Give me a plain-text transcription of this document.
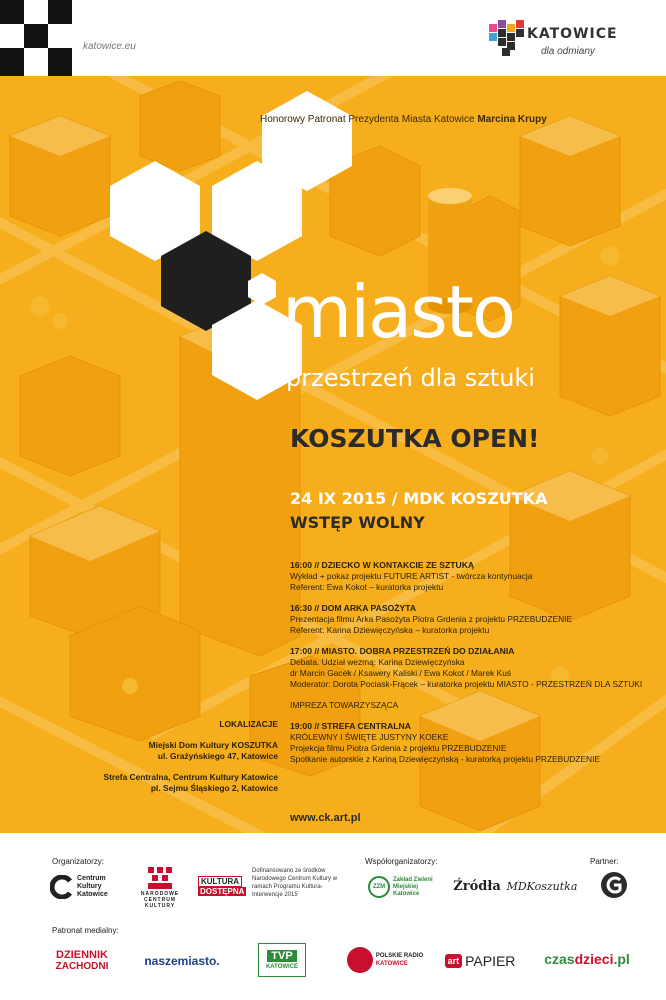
katowice.eu
KATOWICE
dla odmiany
Honorowy Patronat Prezydenta Miasta Katowice Marcina Krupy
miasto
przestrzeń dla sztuki
KOSZUTKA OPEN!
24 IX 2015 / MDK KOSZUTKA
WSTĘP WOLNY
16:00 // DZIECKO W KONTAKCIE ZE SZTUKĄ
Wykład + pokaz projektu FUTURE ARTIST - twórcza kontynuacja
Referent: Ewa Kokot – kuratorka projektu
16:30 // DOM ARKA PASOŻYTA
Prezentacja filmu Arka Pasożyta Piotra Grdenia z projektu PRZEBUDZENIE
Referent: Karina Dziewięczyńska – kuratorka projektu
17:00 // MIASTO. DOBRA PRZESTRZEŃ DO DZIAŁANIA
Debata. Udział wezmą: Karina Dziewięczyńska
dr Marcin Gacek / Ksawery Kaliski / Ewa Kokot / Marek Kuś
Moderator: Dorota Pociask-Frącek – kuratorka projektu MIASTO - PRZESTRZEŃ DLA SZTUKI
IMPREZA TOWARZYSZĄCA
19:00 // STREFA CENTRALNA
KRÓLEWNY I ŚWIĘTE JUSTYNY KOEKE
Projekcja filmu Piotra Grdenia z projektu PRZEBUDZENIE
Spotkanie autorskie z Kariną Dziewięczyńską - kuratorką projektu PRZEBUDZENIE
LOKALIZACJE
Miejski Dom Kultury KOSZUTKA
ul. Grażyńskiego 47, Katowice
Strefa Centralna, Centrum Kultury Katowice
pl. Sejmu Śląskiego 2, Katowice
www.ck.art.pl
Organizatorzy:	Współorganizatorzy:	Partner:
Patronat medialny:
Centrum
Kultury
Katowice	NARODOWE
CENTRUM
KULTURY
KULTURA
DOSTĘPNA
Dofinansowano ze środków Narodowego Centrum Kultury w ramach Programu Kultura-Interwencje 2015
ZZM
Zakład Zieleni Miejskiej Katowice	Źródła MDKoszutka
DZIENNIK
ZACHODNI	naszemiasto.	TVP
KATOWICE
POLSKIE RADIO
KATOWICE	art PAPIER czas dzieci .pl
